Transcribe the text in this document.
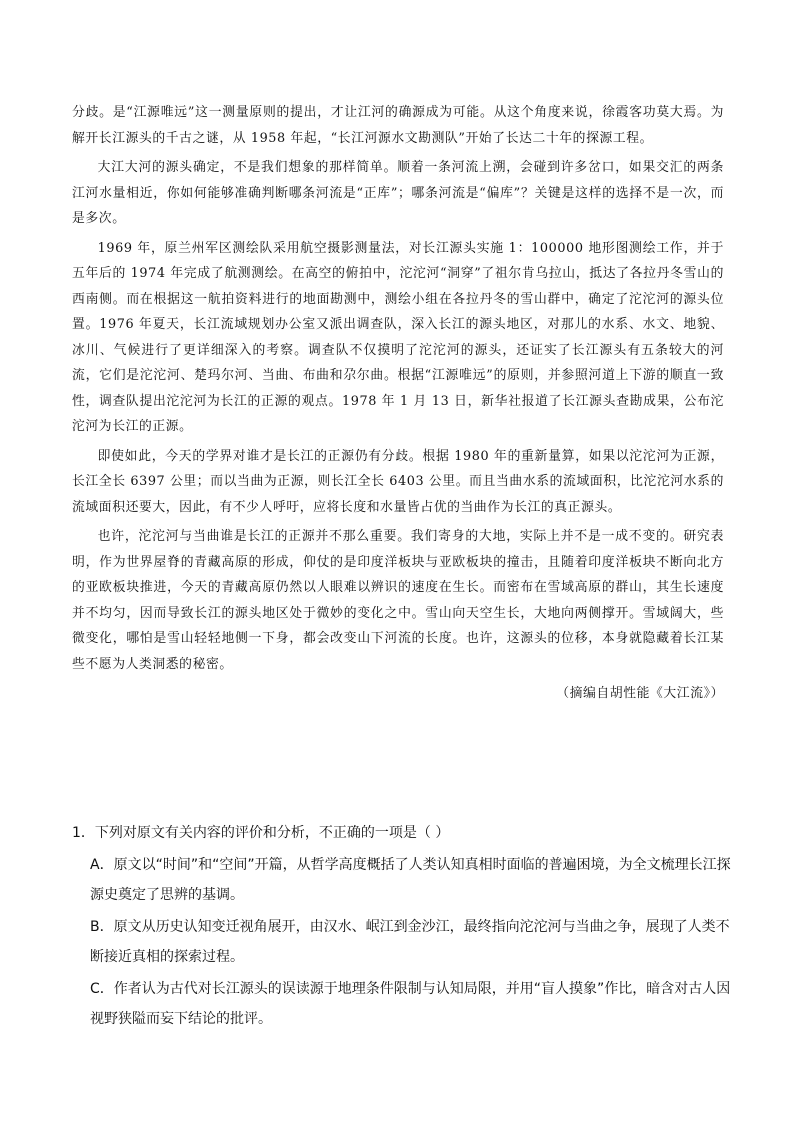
分歧。是“江源唯远”这一测量原则的提出，才让江河的确源成为可能。从这个角度来说，徐霞客功莫大焉。为解开长江源头的千古之谜，从 1958 年起，“长江河源水文勘测队”开始了长达二十年的探源工程。

大江大河的源头确定，不是我们想象的那样简单。顺着一条河流上溯，会碰到许多岔口，如果交汇的两条江河水量相近，你如何能够准确判断哪条河流是“正库”；哪条河流是“偏库”？关键是这样的选择不是一次，而是多次。

1969 年，原兰州军区测绘队采用航空摄影测量法，对长江源头实施 1：100000 地形图测绘工作，并于五年后的 1974 年完成了航测测绘。在高空的俯拍中，沱沱河“洞穿”了祖尔肯乌拉山，抵达了各拉丹冬雪山的西南侧。而在根据这一航拍资料进行的地面勘测中，测绘小组在各拉丹冬的雪山群中，确定了沱沱河的源头位置。1976 年夏天，长江流域规划办公室又派出调查队，深入长江的源头地区，对那儿的水系、水文、地貌、冰川、气候进行了更详细深入的考察。调查队不仅摸明了沱沱河的源头，还证实了长江源头有五条较大的河流，它们是沱沱河、楚玛尔河、当曲、布曲和尕尔曲。根据“江源唯远”的原则，并参照河道上下游的顺直一致性，调查队提出沱沱河为长江的正源的观点。1978 年 1 月 13 日，新华社报道了长江源头查勘成果，公布沱沱河为长江的正源。

即使如此，今天的学界对谁才是长江的正源仍有分歧。根据 1980 年的重新量算，如果以沱沱河为正源，长江全长 6397 公里；而以当曲为正源，则长江全长 6403 公里。而且当曲水系的流域面积，比沱沱河水系的流域面积还要大，因此，有不少人呼吁，应将长度和水量皆占优的当曲作为长江的真正源头。

也许，沱沱河与当曲谁是长江的正源并不那么重要。我们寄身的大地，实际上并不是一成不变的。研究表明，作为世界屋脊的青藏高原的形成，仰仗的是印度洋板块与亚欧板块的撞击，且随着印度洋板块不断向北方的亚欧板块推进，今天的青藏高原仍然以人眼难以辨识的速度在生长。而密布在雪域高原的群山，其生长速度并不均匀，因而导致长江的源头地区处于微妙的变化之中。雪山向天空生长，大地向两侧撑开。雪域阔大，些微变化，哪怕是雪山轻轻地侧一下身，都会改变山下河流的长度。也许，这源头的位移，本身就隐藏着长江某些不愿为人类洞悉的秘密。

（摘编自胡性能《大江流》）
1．下列对原文有关内容的评价和分析，不正确的一项是（ ）
A．原文以“时间”和“空间”开篇，从哲学高度概括了人类认知真相时面临的普遍困境，为全文梳理长江探源史奠定了思辨的基调。
B．原文从历史认知变迁视角展开，由汉水、岷江到金沙江，最终指向沱沱河与当曲之争，展现了人类不断接近真相的探索过程。
C．作者认为古代对长江源头的误读源于地理条件限制与认知局限，并用“盲人摸象”作比，暗含对古人因视野狭隘而妄下结论的批评。
